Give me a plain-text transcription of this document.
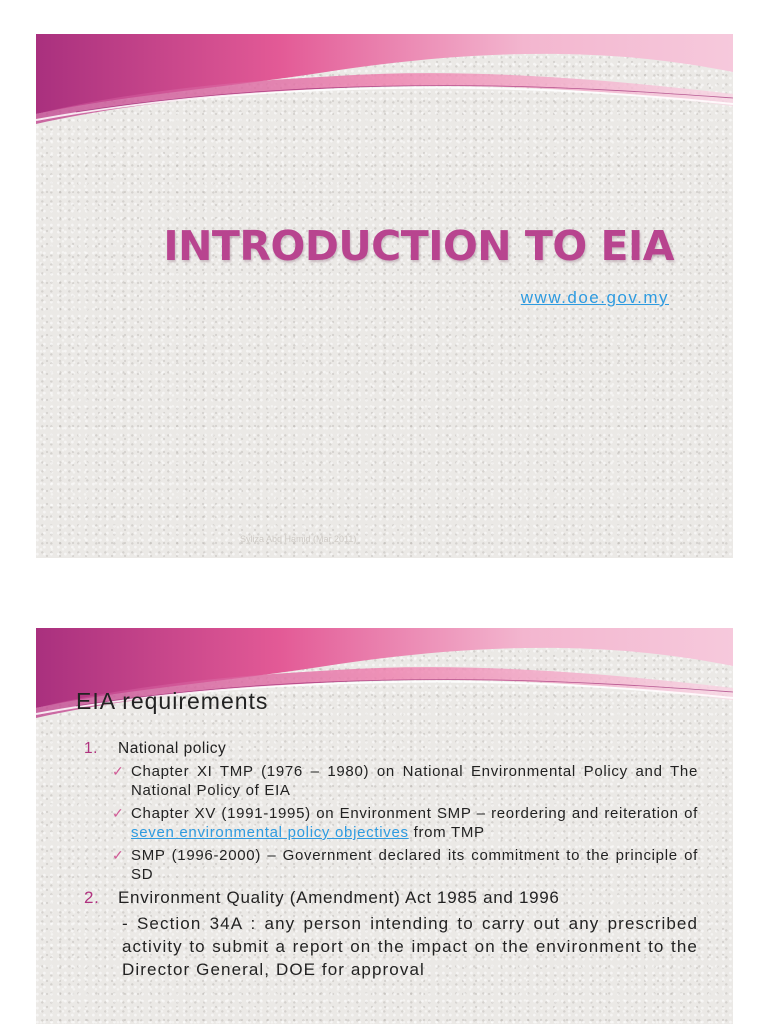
INTRODUCTION TO EIA
www.doe.gov.my
Syliza Abd Hamid (Mar 2011)
EIA requirements
1. National policy
✓ Chapter XI TMP (1976 – 1980) on National Environmental Policy and The National Policy of EIA
✓ Chapter XV (1991-1995) on Environment SMP – reordering and reiteration of seven environmental policy objectives from TMP
✓ SMP (1996-2000) – Government declared its commitment to the principle of SD
2. Environment Quality (Amendment) Act 1985 and 1996
- Section 34A : any person intending to carry out any prescribed activity to submit a report on the impact on the environment to the Director General, DOE for approval
